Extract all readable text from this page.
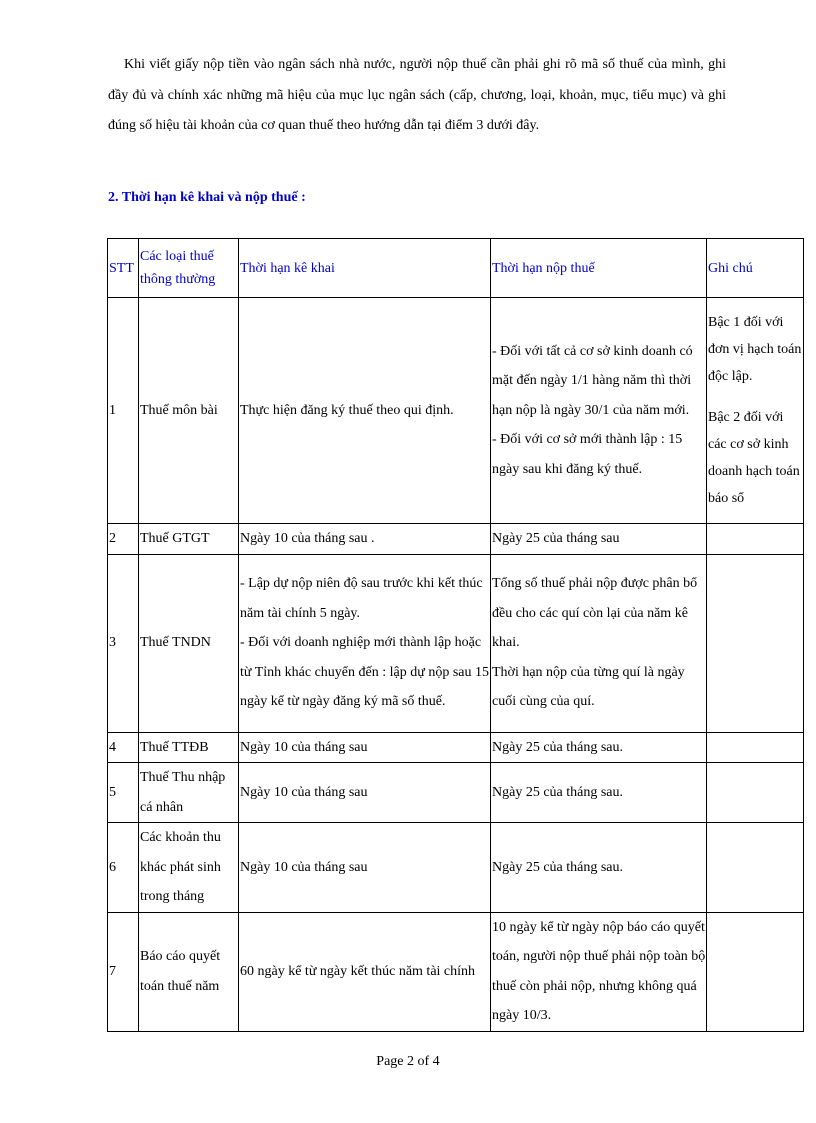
Khi viết giấy nộp tiền vào ngân sách nhà nước, người nộp thuế cần phải ghi rõ mã số thuế của mình, ghi đầy đủ và chính xác những mã hiệu của mục lục ngân sách (cấp, chương, loại, khoản, mục, tiểu mục) và ghi đúng số hiệu tài khoản của cơ quan thuế theo hướng dẫn tại điểm 3 dưới đây.

2. Thời hạn kê khai và nộp thuế :

STT	Các loại thuế thông thường	Thời hạn kê khai	Thời hạn nộp thuế	Ghi chú
1	Thuế môn bài	Thực hiện đăng ký thuế theo qui định.	- Đối với tất cả cơ sở kinh doanh có mặt đến ngày 1/1 hàng năm thì thời hạn nộp là ngày 30/1 của năm mới.
- Đối với cơ sở mới thành lập : 15 ngày sau khi đăng ký thuế.	Bậc 1 đối với đơn vị hạch toán độc lập.
Bậc 2 đối với các cơ sở kinh doanh hạch toán báo sổ

2	Thuế GTGT	Ngày 10 của tháng sau .	Ngày 25 của tháng sau	
3	Thuế TNDN	- Lập dự nộp niên độ sau trước khi kết thúc năm tài chính 5 ngày.
- Đối với doanh nghiệp mới thành lập hoặc từ Tỉnh khác chuyển đến : lập dự nộp sau 15 ngày kể từ ngày đăng ký mã số thuế.	Tổng số thuế phải nộp được phân bổ đều cho các quí còn lại của năm kê khai.
Thời hạn nộp của từng quí là ngày cuối cùng của quí.	

4	Thuế TTĐB	Ngày 10 của tháng sau	Ngày 25 của tháng sau.	
5	Thuế Thu nhập cá nhân	Ngày 10 của tháng sau	Ngày 25 của tháng sau.	
6	Các khoản thu khác phát sinh trong tháng	Ngày 10 của tháng sau	Ngày 25 của tháng sau.	
7	Báo cáo quyết toán thuế năm	60 ngày kể từ ngày kết thúc năm tài chính	10 ngày kể từ ngày nộp báo cáo quyết toán, người nộp thuế phải nộp toàn bộ thuế còn phải nộp, nhưng không quá ngày 10/3.	

Page 2 of 4
